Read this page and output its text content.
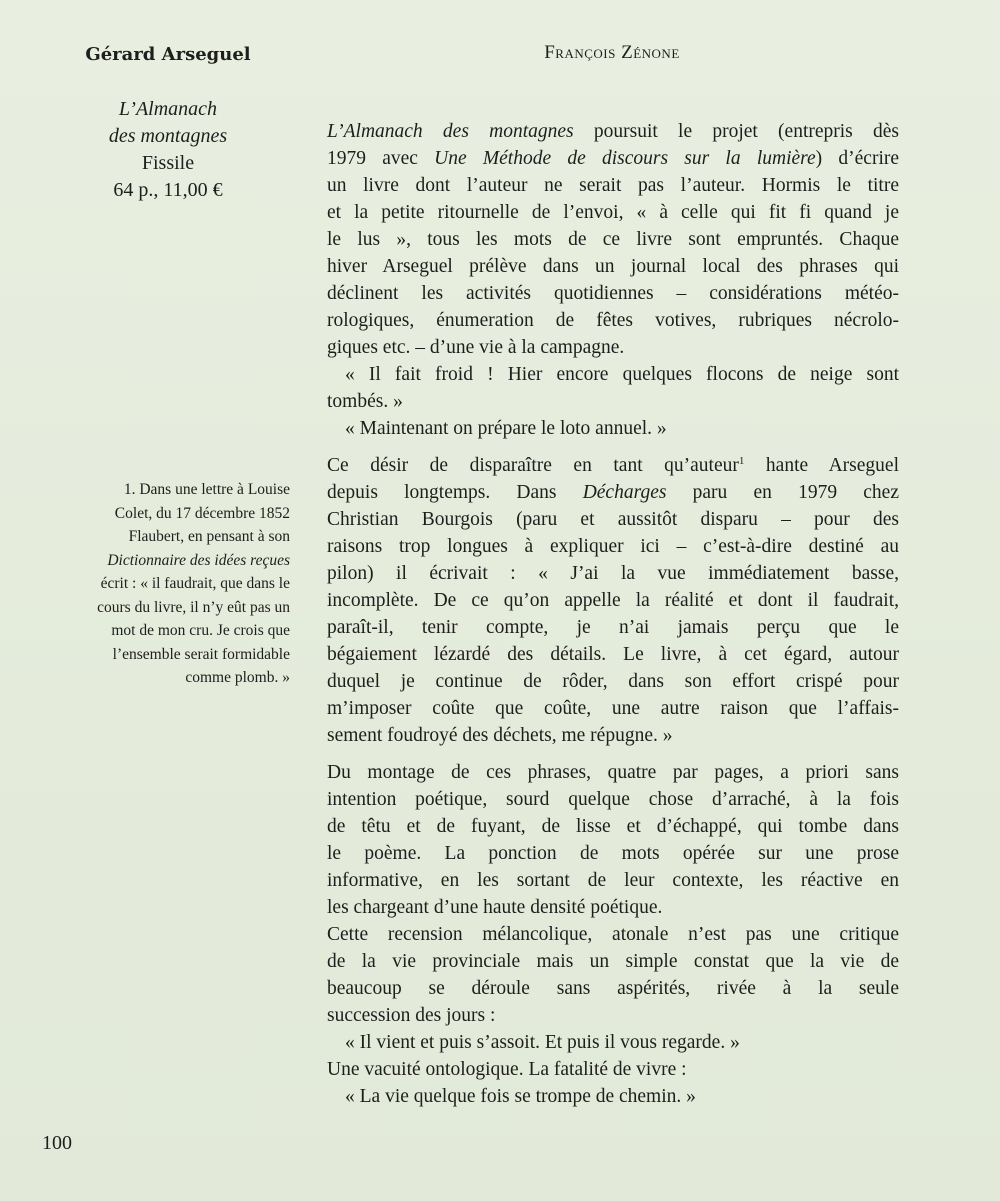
Gérard Arseguel
L’Almanach
des montagnes
Fissile
64 p., 11,00 €
1. Dans une lettre à Louise
Colet, du 17 décembre 1852
Flaubert, en pensant à son
Dictionnaire des idées reçues
écrit : « il faudrait, que dans le
cours du livre, il n’y eût pas un
mot de mon cru. Je crois que
l’ensemble serait formidable
comme plomb. »
François Zénone
L’Almanach des montagnes poursuit le projet (entrepris dès
1979 avec Une Méthode de discours sur la lumière) d’écrire
un livre dont l’auteur ne serait pas l’auteur. Hormis le titre
et la petite ritournelle de l’envoi, « à celle qui fit fi quand je
le lus », tous les mots de ce livre sont empruntés. Chaque
hiver Arseguel prélève dans un journal local des phrases qui
déclinent les activités quotidiennes – considérations météo-
rologiques, énumeration de fêtes votives, rubriques nécrolo-
giques etc. – d’une vie à la campagne.
« Il fait froid ! Hier encore quelques flocons de neige sont
tombés. »
« Maintenant on prépare le loto annuel. »
Ce désir de disparaître en tant qu’auteur$^1$ hante Arseguel
depuis longtemps. Dans Décharges paru en 1979 chez
Christian Bourgois (paru et aussitôt disparu – pour des
raisons trop longues à expliquer ici – c’est-à-dire destiné au
pilon) il écrivait : « J’ai la vue immédiatement basse,
incomplète. De ce qu’on appelle la réalité et dont il faudrait,
paraît-il, tenir compte, je n’ai jamais perçu que le
bégaiement lézardé des détails. Le livre, à cet égard, autour
duquel je continue de rôder, dans son effort crispé pour
m’imposer coûte que coûte, une autre raison que l’affais-
sement foudroyé des déchets, me répugne. »
Du montage de ces phrases, quatre par pages, a priori sans
intention poétique, sourd quelque chose d’arraché, à la fois
de têtu et de fuyant, de lisse et d’échappé, qui tombe dans
le poème. La ponction de mots opérée sur une prose
informative, en les sortant de leur contexte, les réactive en
les chargeant d’une haute densité poétique.
Cette recension mélancolique, atonale n’est pas une critique
de la vie provinciale mais un simple constat que la vie de
beaucoup se déroule sans aspérités, rivée à la seule
succession des jours :
« Il vient et puis s’assoit. Et puis il vous regarde. »
Une vacuité ontologique. La fatalité de vivre :
« La vie quelque fois se trompe de chemin. »
100
